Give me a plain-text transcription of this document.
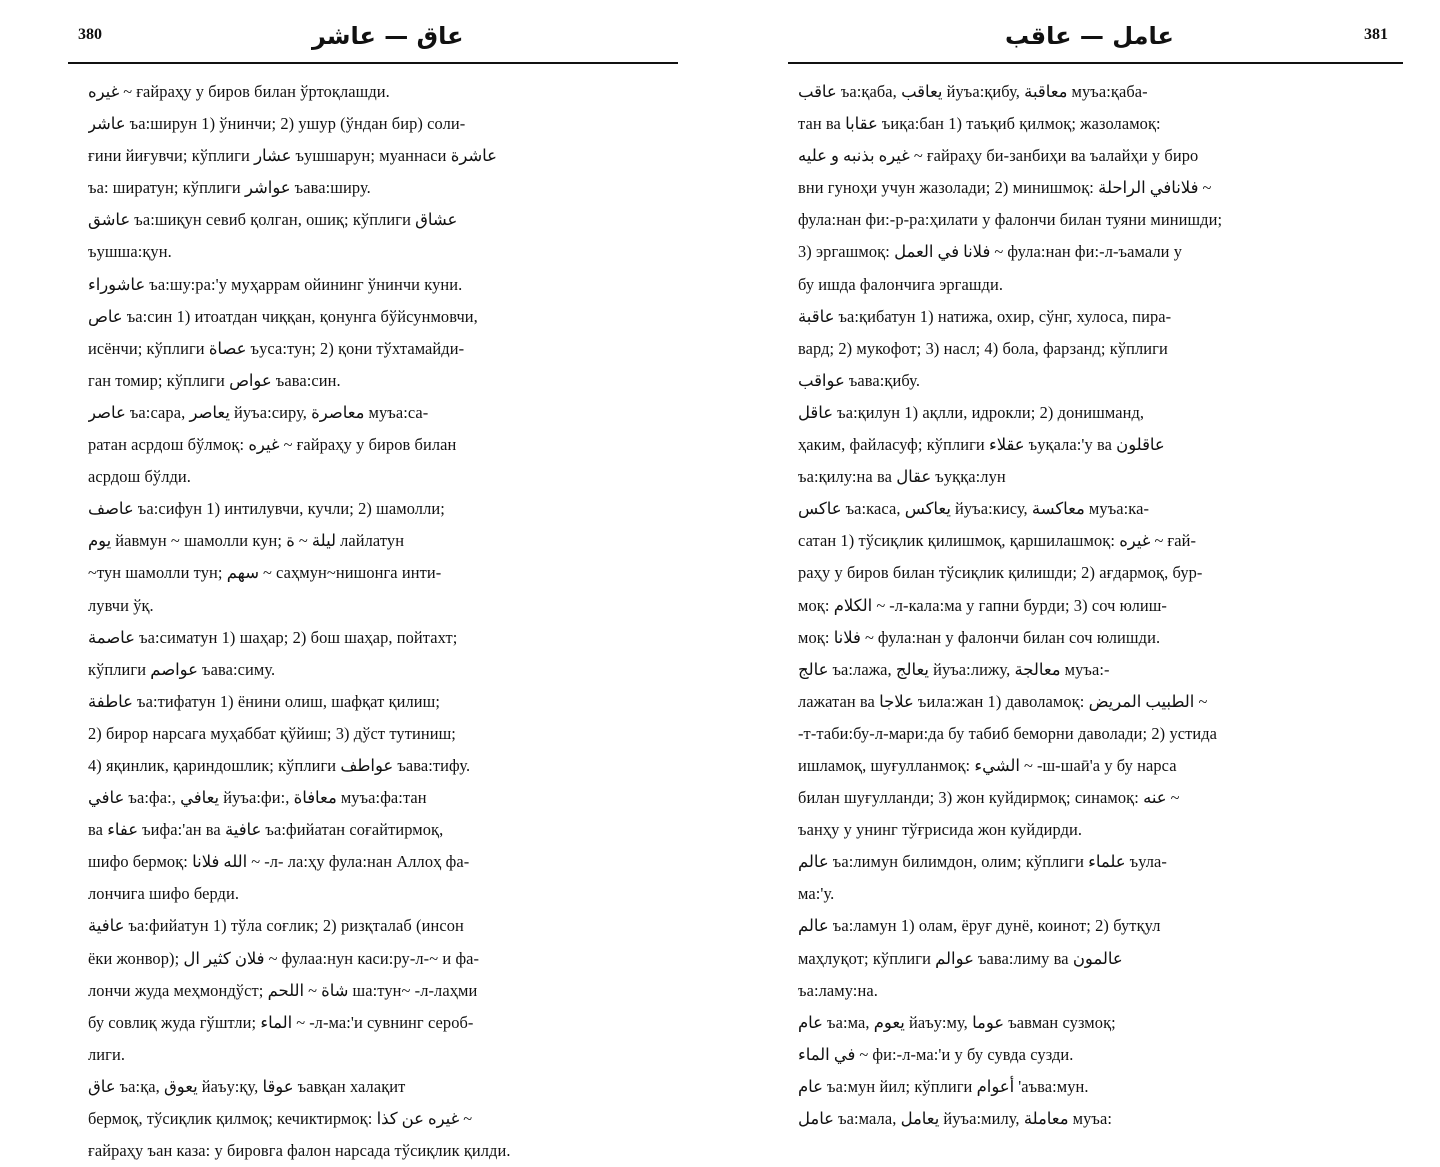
380	عاق — عاشر
غيره ~ ғайраҳу у биров билан ўртоқлашди.
عاشر ъа:ширун 1) ўнинчи; 2) ушур (ўндан бир) соли-
ғини йиғувчи; кўплиги عشار ъушшарун; муаннаси عاشرة
ъа: ширатун; кўплиги عواشر ъава:ширу.
عاشق ъа:шиқун севиб қолган, ошиқ; кўплиги عشاق
ъушша:қун.
عاشوراء ъа:шу:ра:'у муҳаррам ойининг ўнинчи куни.
عاص ъа:син 1) итоатдан чиққан, қонунга бўйсунмовчи,
исёнчи; кўплиги عصاة ъуса:тун; 2) қони тўхтамайди-
ган томир; кўплиги عواص ъава:син.
عاصر ъа:сара, يعاصر йуъа:сиру, معاصرة муъа:са-
ратан асрдош бўлмоқ: غيره ~ ғайраҳу у биров билан
асрдош бўлди.
عاصف ъа:сифун 1) интилувчи, кучли; 2) шамолли;
يوم йавмун ~ шамолли кун; ليلة ~ ة лайлатун
~тун шамолли тун; سهم ~ саҳмун~нишонга инти-
лувчи ўқ.
عاصمة ъа:симатун 1) шаҳар; 2) бош шаҳар, пойтахт;
кўплиги عواصم ъава:симу.
عاطفة ъа:тифатун 1) ёнини олиш, шафқат қилиш;
2) бирор нарсага муҳаббат қўйиш; 3) дўст тутиниш;
4) яқинлик, қариндошлик; кўплиги عواطف ъава:тифу.
عافي ъа:фа:, يعافي йуъа:фи:, معافاة муъа:фа:тан
ва عفاء ъифа:'ан ва عافية ъа:фийатан соғайтирмоқ,
шифо бермоқ: الله فلانا ~ -л- ла:ҳу фула:нан Аллоҳ фа-
лончига шифо берди.
عافية ъа:фийатун 1) тўла соғлик; 2) ризқталаб (инсон
ёки жонвор); فلان كثير ال ~ фулаа:нун каси:ру-л-~ и фа-
лончи жуда меҳмондўст; شاة ~ اللحم ша:тун~ -л-лаҳми
бу совлиқ жуда гўштли; الماء ~ -л-ма:'и сувнинг сероб-
лиги.
عاق ъа:қа, يعوق йаъу:қу, عوقا ъавқан халақит
бермоқ, тўсиқлик қилмоқ; кечиктирмоқ: غيره عن كذا ~
ғайраҳу ъан каза: у бировга фалон нарсада тўсиқлик қилди.
381
عامل — عاقب
عاقب ъа:қаба, يعاقب йуъа:қибу, معاقبة муъа:қаба-
тан ва عقابا ъиқа:бан 1) таъқиб қилмоқ; жазоламоқ:
غيره بذنبه و عليه ~ ғайраҳу би-занбиҳи ва ъалайҳи у биро
вни гуноҳи учун жазолади; 2) минишмоқ: فلانافي الراحلة ~
фула:нан фи:-р-ра:ҳилати у фалончи билан туяни минишди;
3) эргашмоқ: فلانا في العمل ~ фула:нан фи:-л-ъамали у
бу ишда фалончига эргашди.
عاقبة ъа:қибатун 1) натижа, охир, сўнг, хулоса, пира-
вард; 2) мукофот; 3) насл; 4) бола, фарзанд; кўплиги
عواقب ъава:қибу.
عاقل ъа:қилун 1) ақлли, идрокли; 2) донишманд,
ҳаким, файласуф; кўплиги عقلاء ъуқала:'у ва عاقلون
ъа:қилу:на ва عقال ъуққа:лун
عاكس ъа:каса, يعاكس йуъа:кису, معاكسة муъа:ка-
сатан 1) тўсиқлик қилишмоқ, қаршилашмоқ: غيره ~ ғай-
раҳу у биров билан тўсиқлик қилишди; 2) ағдармоқ, бур-
моқ: الكلام ~ -л-кала:ма у гапни бурди; 3) соч юлиш-
моқ: فلانا ~ фула:нан у фалончи билан соч юлишди.
عالج ъа:лажа, يعالج йуъа:лижу, معالجة муъа:-
лажатан ва علاجا ъила:жан 1) даволамоқ: الطبيب المريض ~
-т-таби:бу-л-мари:да бу табиб беморни даволади; 2) устида
ишламоқ, шуғулланмоқ: الشيء ~ -ш-шаӣ'а у бу нарса
билан шуғулланди; 3) жон куйдирмоқ; синамоқ: عنه ~
ъанҳу у унинг тўғрисида жон куйдирди.
عالم ъа:лимун билимдон, олим; кўплиги علماء ъула-
ма:'у.
عالم ъа:ламун 1) олам, ёруғ дунё, коинот; 2) бутқул
маҳлуқот; кўплиги عوالم ъава:лиму ва عالمون
ъа:ламу:на.
عام ъа:ма, يعوم йаъу:му, عوما ъавман сузмоқ;
في الماء ~ фи:-л-ма:'и у бу сувда сузди.
عام ъа:мун йил; кўплиги أعوام 'аъва:мун.
عامل ъа:мала, يعامل йуъа:милу, معاملة муъа:
